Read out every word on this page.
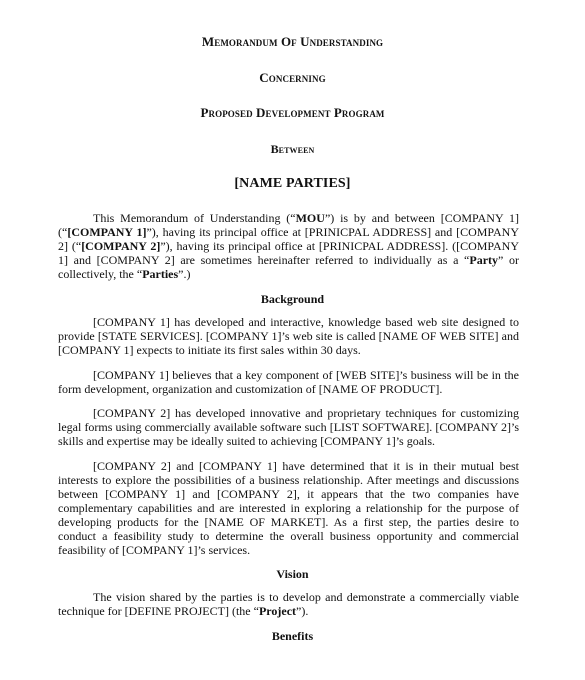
Memorandum Of Understanding
Concerning
Proposed Development Program
Between
[NAME PARTIES]

This Memorandum of Understanding (“MOU”) is by and between [COMPANY 1] (“[COMPANY 1]”), having its principal office at [PRINICPAL ADDRESS] and [COMPANY 2] (“[COMPANY 2]”), having its principal office at [PRINICPAL ADDRESS]. ([COMPANY 1] and [COMPANY 2] are sometimes hereinafter referred to individually as a “Party” or collectively, the “Parties”.)

Background

[COMPANY 1] has developed and interactive, knowledge based web site designed to provide [STATE SERVICES]. [COMPANY 1]’s web site is called [NAME OF WEB SITE] and [COMPANY 1] expects to initiate its first sales within 30 days.

[COMPANY 1] believes that a key component of [WEB SITE]’s business will be in the form development, organization and customization of [NAME OF PRODUCT].

[COMPANY 2] has developed innovative and proprietary techniques for customizing legal forms using commercially available software such [LIST SOFTWARE]. [COMPANY 2]’s skills and expertise may be ideally suited to achieving [COMPANY 1]’s goals.

[COMPANY 2] and [COMPANY 1] have determined that it is in their mutual best interests to explore the possibilities of a business relationship. After meetings and discussions between [COMPANY 1] and [COMPANY 2], it appears that the two companies have complementary capabilities and are interested in exploring a relationship for the purpose of developing products for the [NAME OF MARKET]. As a first step, the parties desire to conduct a feasibility study to determine the overall business opportunity and commercial feasibility of [COMPANY 1]’s services.

Vision

The vision shared by the parties is to develop and demonstrate a commercially viable technique for [DEFINE PROJECT] (the “Project”).

Benefits
